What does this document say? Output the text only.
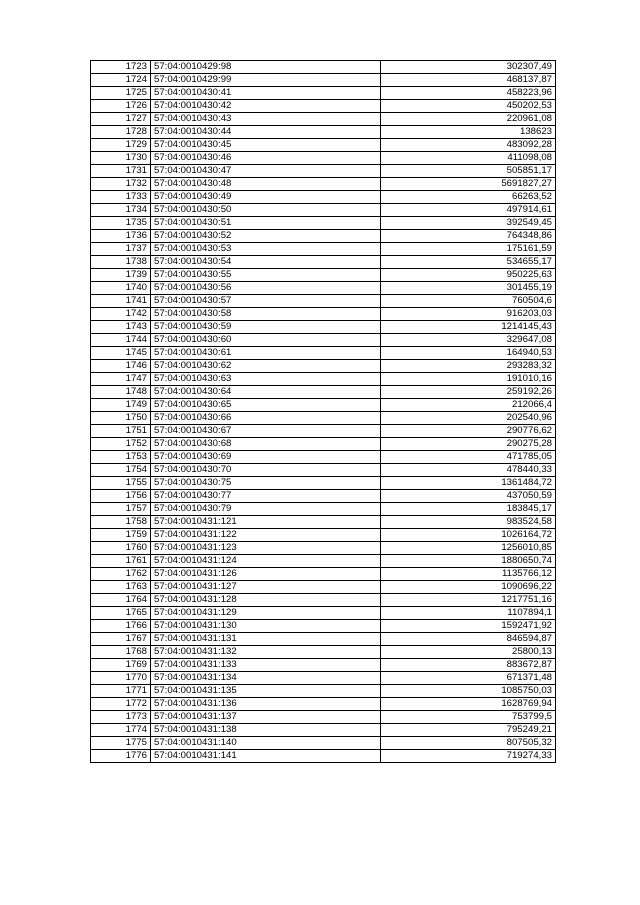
1723	57:04:0010429:98	302307,49
1724	57:04:0010429:99	468137,87
1725	57:04:0010430:41	458223,96
1726	57:04:0010430:42	450202,53
1727	57:04:0010430:43	220961,08
1728	57:04:0010430:44	138623
1729	57:04:0010430:45	483092,28
1730	57:04:0010430:46	411098,08
1731	57:04:0010430:47	505851,17
1732	57:04:0010430:48	5691827,27
1733	57:04:0010430:49	66263,52
1734	57:04:0010430:50	497914,61
1735	57:04:0010430:51	392549,45
1736	57:04:0010430:52	764348,86
1737	57:04:0010430:53	175161,59
1738	57:04:0010430:54	534655,17
1739	57:04:0010430:55	950225,63
1740	57:04:0010430:56	301455,19
1741	57:04:0010430:57	760504,6
1742	57:04:0010430:58	916203,03
1743	57:04:0010430:59	1214145,43
1744	57:04:0010430:60	329647,08
1745	57:04:0010430:61	164940,53
1746	57:04:0010430:62	293283,32
1747	57:04:0010430:63	191010,16
1748	57:04:0010430:64	259192,26
1749	57:04:0010430:65	212066,4
1750	57:04:0010430:66	202540,96
1751	57:04:0010430:67	290776,62
1752	57:04:0010430:68	290275,28
1753	57:04:0010430:69	471785,05
1754	57:04:0010430:70	478440,33
1755	57:04:0010430:75	1361484,72
1756	57:04:0010430:77	437050,59
1757	57:04:0010430:79	183845,17
1758	57:04:0010431:121	983524,58
1759	57:04:0010431:122	1026164,72
1760	57:04:0010431:123	1256010,85
1761	57:04:0010431:124	1880650,74
1762	57:04:0010431:126	1135766,12
1763	57:04:0010431:127	1090696,22
1764	57:04:0010431:128	1217751,16
1765	57:04:0010431:129	1107894,1
1766	57:04:0010431:130	1592471,92
1767	57:04:0010431:131	846594,87
1768	57:04:0010431:132	25800,13
1769	57:04:0010431:133	883672,87
1770	57:04:0010431:134	671371,48
1771	57:04:0010431:135	1085750,03
1772	57:04:0010431:136	1628769,94
1773	57:04:0010431:137	753799,5
1774	57:04:0010431:138	795249,21
1775	57:04:0010431:140	807505,32
1776	57:04:0010431:141	719274,33
